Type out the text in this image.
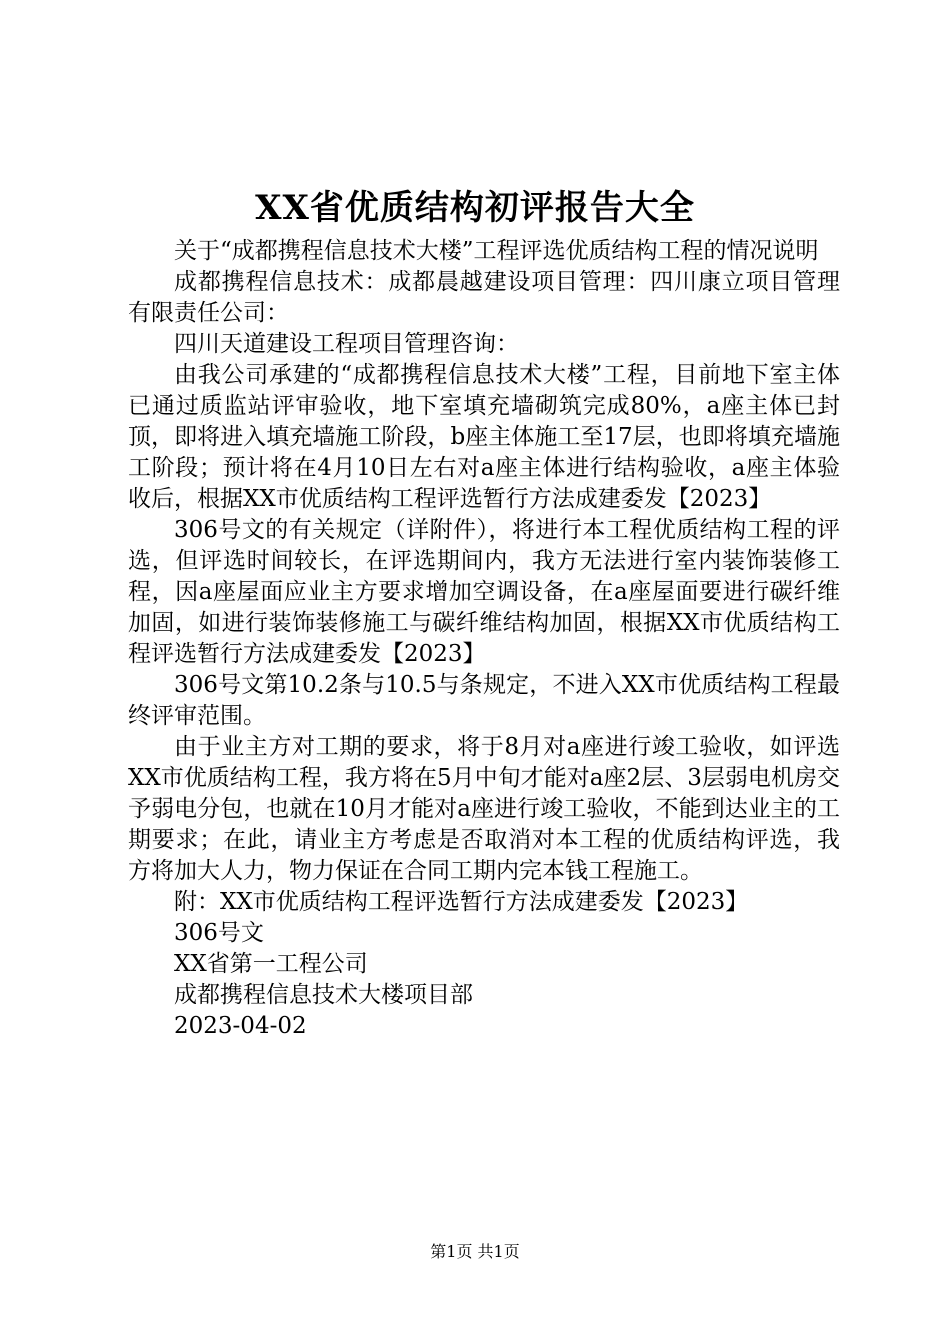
XX省优质结构初评报告大全

关于“成都携程信息技术大楼”工程评选优质结构工程的情况说明

成都携程信息技术：成都晨越建设项目管理：四川康立项目管理有限责任公司：

四川天道建设工程项目管理咨询：

由我公司承建的“成都携程信息技术大楼”工程，目前地下室主体已通过质监站评审验收，地下室填充墙砌筑完成80%，a座主体已封顶，即将进入填充墙施工阶段，b座主体施工至17层，也即将填充墙施工阶段；预计将在4月10日左右对a座主体进行结构验收，a座主体验收后，根据XX市优质结构工程评选暂行方法成建委发【2023】

306号文的有关规定（详附件），将进行本工程优质结构工程的评选，但评选时间较长，在评选期间内，我方无法进行室内装饰装修工程，因a座屋面应业主方要求增加空调设备，在a座屋面要进行碳纤维加固，如进行装饰装修施工与碳纤维结构加固，根据XX市优质结构工程评选暂行方法成建委发【2023】

306号文第10.2条与10.5与条规定，不进入XX市优质结构工程最终评审范围。

由于业主方对工期的要求，将于8月对a座进行竣工验收，如评选XX市优质结构工程，我方将在5月中旬才能对a座2层、3层弱电机房交予弱电分包，也就在10月才能对a座进行竣工验收，不能到达业主的工期要求；在此，请业主方考虑是否取消对本工程的优质结构评选，我方将加大人力，物力保证在合同工期内完本钱工程施工。

附：XX市优质结构工程评选暂行方法成建委发【2023】

306号文

XX省第一工程公司

成都携程信息技术大楼项目部

2023-04-02

第1页 共1页
